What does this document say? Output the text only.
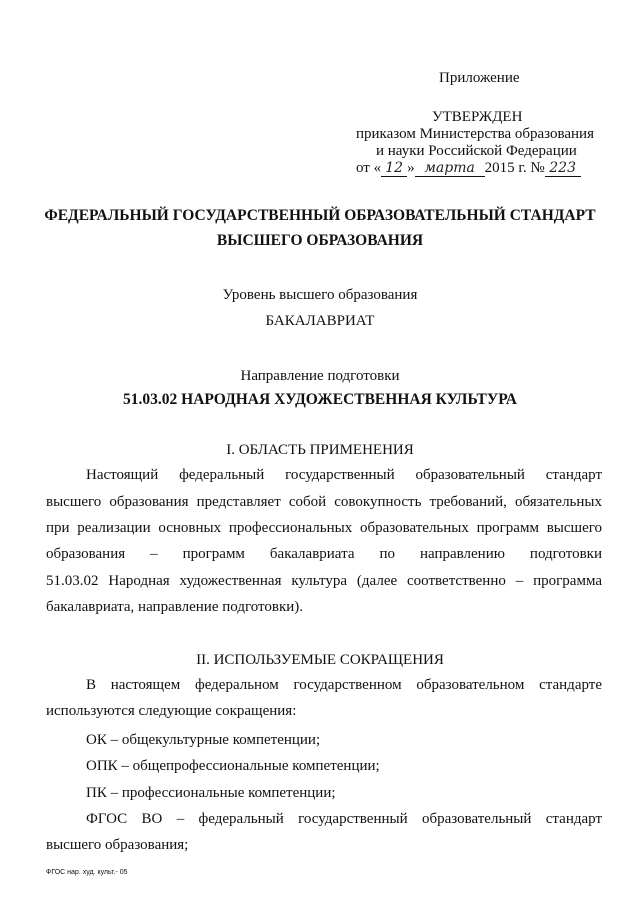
Приложение
УТВЕРЖДЕН
приказом Министерства образования
и науки Российской Федерации
от « 12 » марта 2015 г. № 223
ФЕДЕРАЛЬНЫЙ ГОСУДАРСТВЕННЫЙ ОБРАЗОВАТЕЛЬНЫЙ СТАНДАРТ
ВЫСШЕГО ОБРАЗОВАНИЯ
Уровень высшего образования
БАКАЛАВРИАТ
Направление подготовки
51.03.02 НАРОДНАЯ ХУДОЖЕСТВЕННАЯ КУЛЬТУРА
I. ОБЛАСТЬ ПРИМЕНЕНИЯ
Настоящий федеральный государственный образовательный стандарт
высшего образования представляет собой совокупность требований, обязательных
при реализации основных профессиональных образовательных программ высшего
образования – программ бакалавриата по направлению подготовки
51.03.02 Народная художественная культура (далее соответственно – программа
бакалавриата, направление подготовки).
II. ИСПОЛЬЗУЕМЫЕ СОКРАЩЕНИЯ
В настоящем федеральном государственном образовательном стандарте
используются следующие сокращения:
ОК – общекультурные компетенции;
ОПК – общепрофессиональные компетенции;
ПК – профессиональные компетенции;
ФГОС ВО – федеральный государственный образовательный стандарт
высшего образования;
ФГОС нар. худ. культ.- 05
